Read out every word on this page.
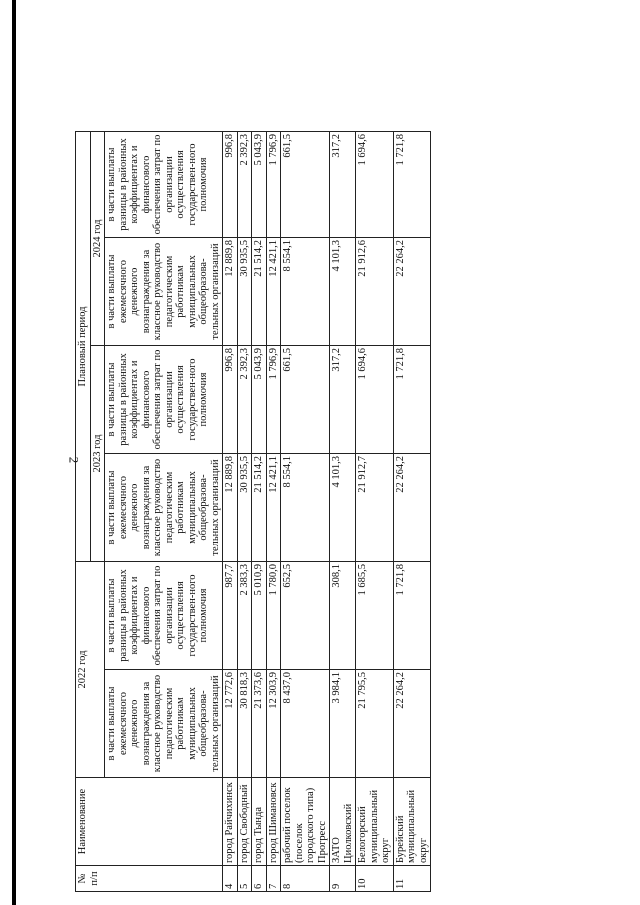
2
№ п/п	Наименование	2022 год		Плановый период			
				2023 год		2024 год	
		в части выплаты ежемесячного денежного вознаграждения за классное руководство педагогическим работникам муниципальных общеобразова-тельных организаций	в части выплаты разницы в районных коэффициентах и финансового обеспечения затрат по организации осуществления государствен-ного полномочия	в части выплаты ежемесячного денежного вознаграждения за классное руководство педагогическим работникам муниципальных общеобразова-тельных организаций	в части выплаты разницы в районных коэффициентах и финансового обеспечения затрат по организации осуществления государствен-ного полномочия	в части выплаты ежемесячного денежного вознаграждения за классное руководство педагогическим работникам муниципальных общеобразова-тельных организаций	в части выплаты разницы в районных коэффициентах и финансового обеспечения затрат по организации осуществления государствен-ного полномочия
4	город Райчихинск	12 772,6	987,7	12 889,8	996,8	12 889,8	996,8
5	город Свободный	30 818,3	2 383,3	30 935,5	2 392,3	30 935,5	2 392,3
6	город Тында	21 373,6	5 010,9	21 514,2	5 043,9	21 514,2	5 043,9
7	город Шимановск	12 303,9	1 780,0	12 421,1	1 796,9	12 421,1	1 796,9
8	рабочий поселок (поселок городского типа) Прогресс	8 437,0	652,5	8 554,1	661,5	8 554,1	661,5
9	ЗАТО Циолковский	3 984,1	308,1	4 101,3	317,2	4 101,3	317,2
10	Белогорский муниципальный округ	21 795,5	1 685,5	21 912,7	1 694,6	21 912,6	1 694,6
11	Бурейский муниципальный округ	22 264,2	1 721,8	22 264,2	1 721,8	22 264,2	1 721,8
